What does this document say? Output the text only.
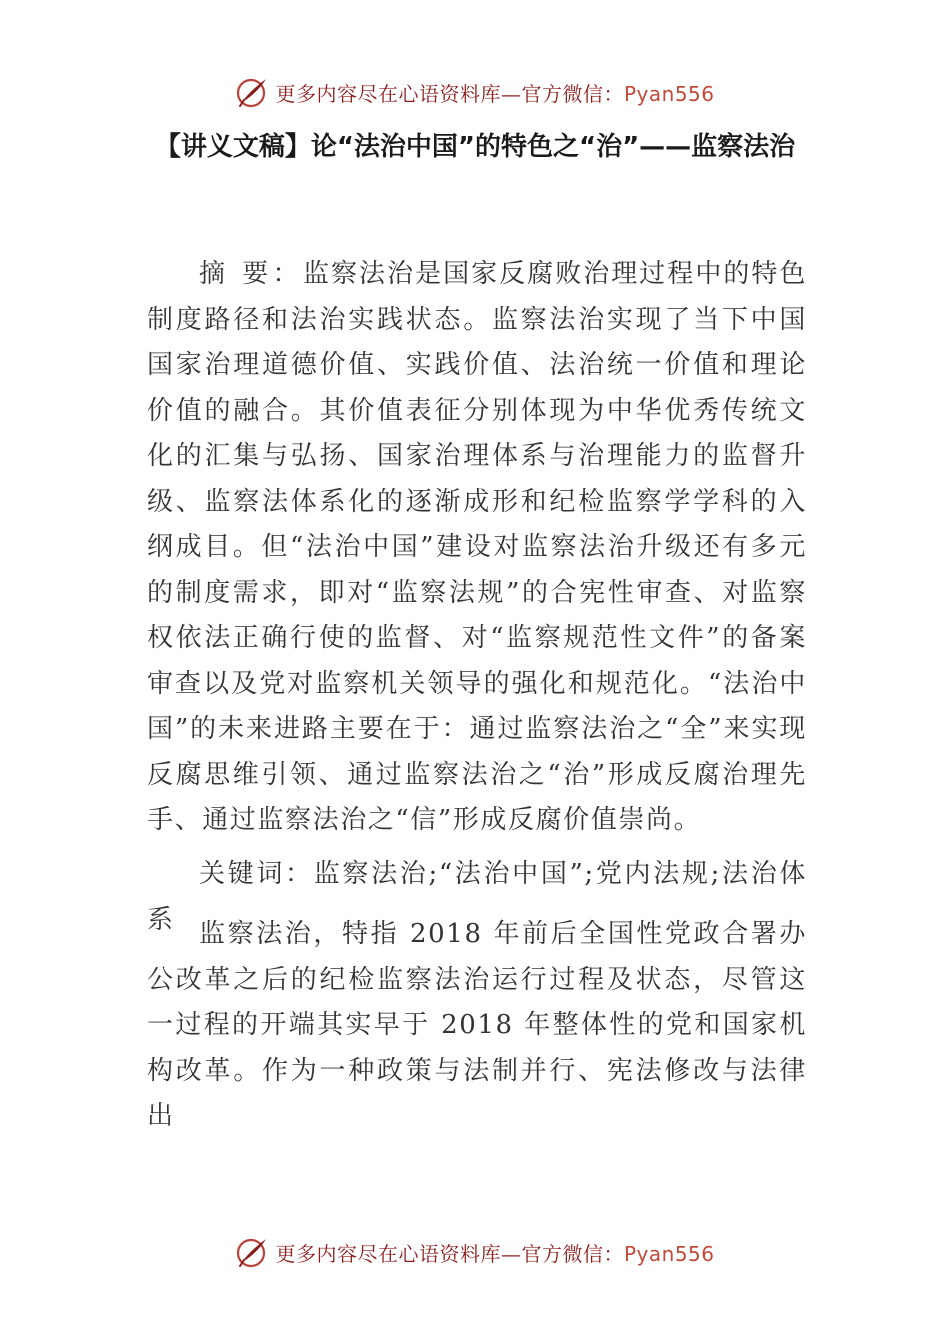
更多内容尽在心语资料库—官方微信：Pyan556
【讲义文稿】论“法治中国”的特色之“治”——监察法治

摘 要：监察法治是国家反腐败治理过程中的特色制度路径和法治实践状态。监察法治实现了当下中国国家治理道德价值、实践价值、法治统一价值和理论价值的融合。其价值表征分别体现为中华优秀传统文化的汇集与弘扬、国家治理体系与治理能力的监督升级、监察法体系化的逐渐成形和纪检监察学学科的入纲成目。但“法治中国”建设对监察法治升级还有多元的制度需求，即对“监察法规”的合宪性审查、对监察权依法正确行使的监督、对“监察规范性文件”的备案审查以及党对监察机关领导的强化和规范化。“法治中国”的未来进路主要在于：通过监察法治之“全”来实现反腐思维引领、通过监察法治之“治”形成反腐治理先手、通过监察法治之“信”形成反腐价值崇尚。

关键词：监察法治;“法治中国”;党内法规;法治体系 监察法治，特指 2018 年前后全国性党政合署办公改革之后的纪检监察法治运行过程及状态，尽管这一过程的开端其实早于 2018 年整体性的党和国家机构改革。作为一种政策与法制并行、宪法修改与法律出

更多内容尽在心语资料库—官方微信：Pyan556
